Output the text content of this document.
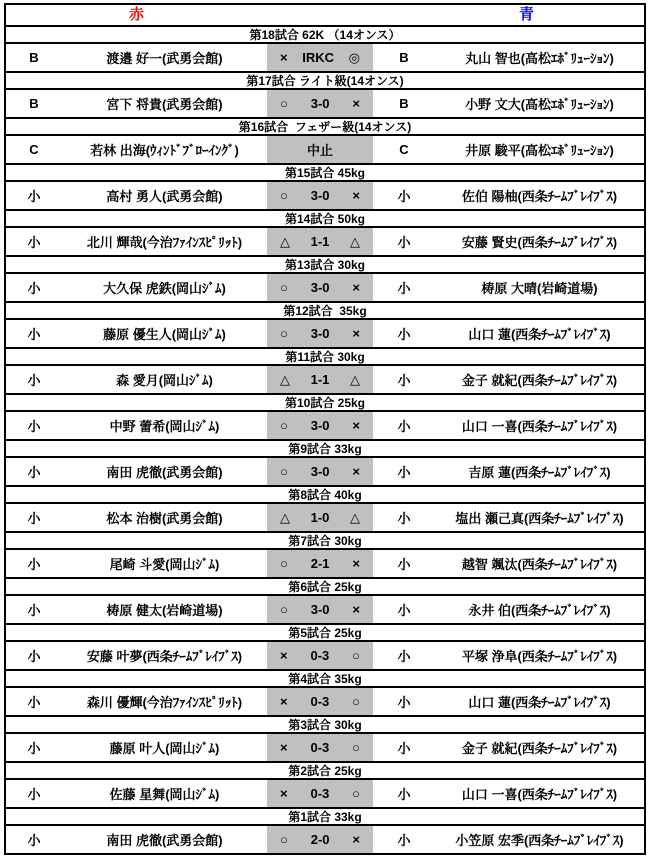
赤	青
第18試合 62K （14オンス）
B	渡邉 好一(武勇会館)	× IRKC ◎	B	丸山 智也(高松ｴﾎﾞﾘｭｰｼｮﾝ)
第17試合 ライト級(14オンス)
B	宮下 将貴(武勇会館)	○ 3-0 ×	B	小野 文大(高松ｴﾎﾞﾘｭｰｼｮﾝ)
第16試合  フェザー級(14オンス)
C	若林 出海(ｳｨﾝﾄﾞﾌﾞﾛｰｲﾝｸﾞ)	中止	C	井原 駿平(高松ｴﾎﾞﾘｭｰｼｮﾝ)
第15試合 45kg
小	高村 勇人(武勇会館)	○ 3-0 ×	小	佐伯 陽柚(西条ﾁｰﾑﾌﾞﾚｲﾌﾞｽ)
第14試合 50kg
小	北川 輝哉(今治ﾌｧｲﾝｽﾋﾟﾘｯﾄ)	△ 1-1 △	小	安藤 賢史(西条ﾁｰﾑﾌﾞﾚｲﾌﾞｽ)
第13試合 30kg
小	大久保 虎鉄(岡山ｼﾞﾑ)	○ 3-0 ×	小	梼原 大晴(岩崎道場)
第12試合  35kg
小	藤原 優生人(岡山ｼﾞﾑ)	○ 3-0 ×	小	山口 蓮(西条ﾁｰﾑﾌﾞﾚｲﾌﾞｽ)
第11試合 30kg
小	森 愛月(岡山ｼﾞﾑ)	△ 1-1 △	小	金子 就紀(西条ﾁｰﾑﾌﾞﾚｲﾌﾞｽ)
第10試合 25kg
小	中野 蕾希(岡山ｼﾞﾑ)	○ 3-0 ×	小	山口 一喜(西条ﾁｰﾑﾌﾞﾚｲﾌﾞｽ)
第9試合 33kg
小	南田 虎徹(武勇会館)	○ 3-0 ×	小	吉原 蓮(西条ﾁｰﾑﾌﾞﾚｲﾌﾞｽ)
第8試合 40kg
小	松本 治樹(武勇会館)	△ 1-0 △	小	塩出 瀬己真(西条ﾁｰﾑﾌﾞﾚｲﾌﾞｽ)
第7試合 30kg
小	尾崎 斗愛(岡山ｼﾞﾑ)	○ 2-1 ×	小	越智 颯汰(西条ﾁｰﾑﾌﾞﾚｲﾌﾞｽ)
第6試合 25kg
小	梼原 健太(岩崎道場)	○ 3-0 ×	小	永井 伯(西条ﾁｰﾑﾌﾞﾚｲﾌﾞｽ)
第5試合 25kg
小	安藤 叶夢(西条ﾁｰﾑﾌﾞﾚｲﾌﾞｽ)	× 0-3 ○	小	平塚 浄阜(西条ﾁｰﾑﾌﾞﾚｲﾌﾞｽ)
第4試合 35kg
小	森川 優輝(今治ﾌｧｲﾝｽﾋﾟﾘｯﾄ)	× 0-3 ○	小	山口 蓮(西条ﾁｰﾑﾌﾞﾚｲﾌﾞｽ)
第3試合 30kg
小	藤原 叶人(岡山ｼﾞﾑ)	× 0-3 ○	小	金子 就紀(西条ﾁｰﾑﾌﾞﾚｲﾌﾞｽ)
第2試合 25kg
小	佐藤 星舞(岡山ｼﾞﾑ)	× 0-3 ○	小	山口 一喜(西条ﾁｰﾑﾌﾞﾚｲﾌﾞｽ)
第1試合 33kg
小	南田 虎徹(武勇会館)	○ 2-0 ×	小	小笠原 宏季(西条ﾁｰﾑﾌﾞﾚｲﾌﾞｽ)
